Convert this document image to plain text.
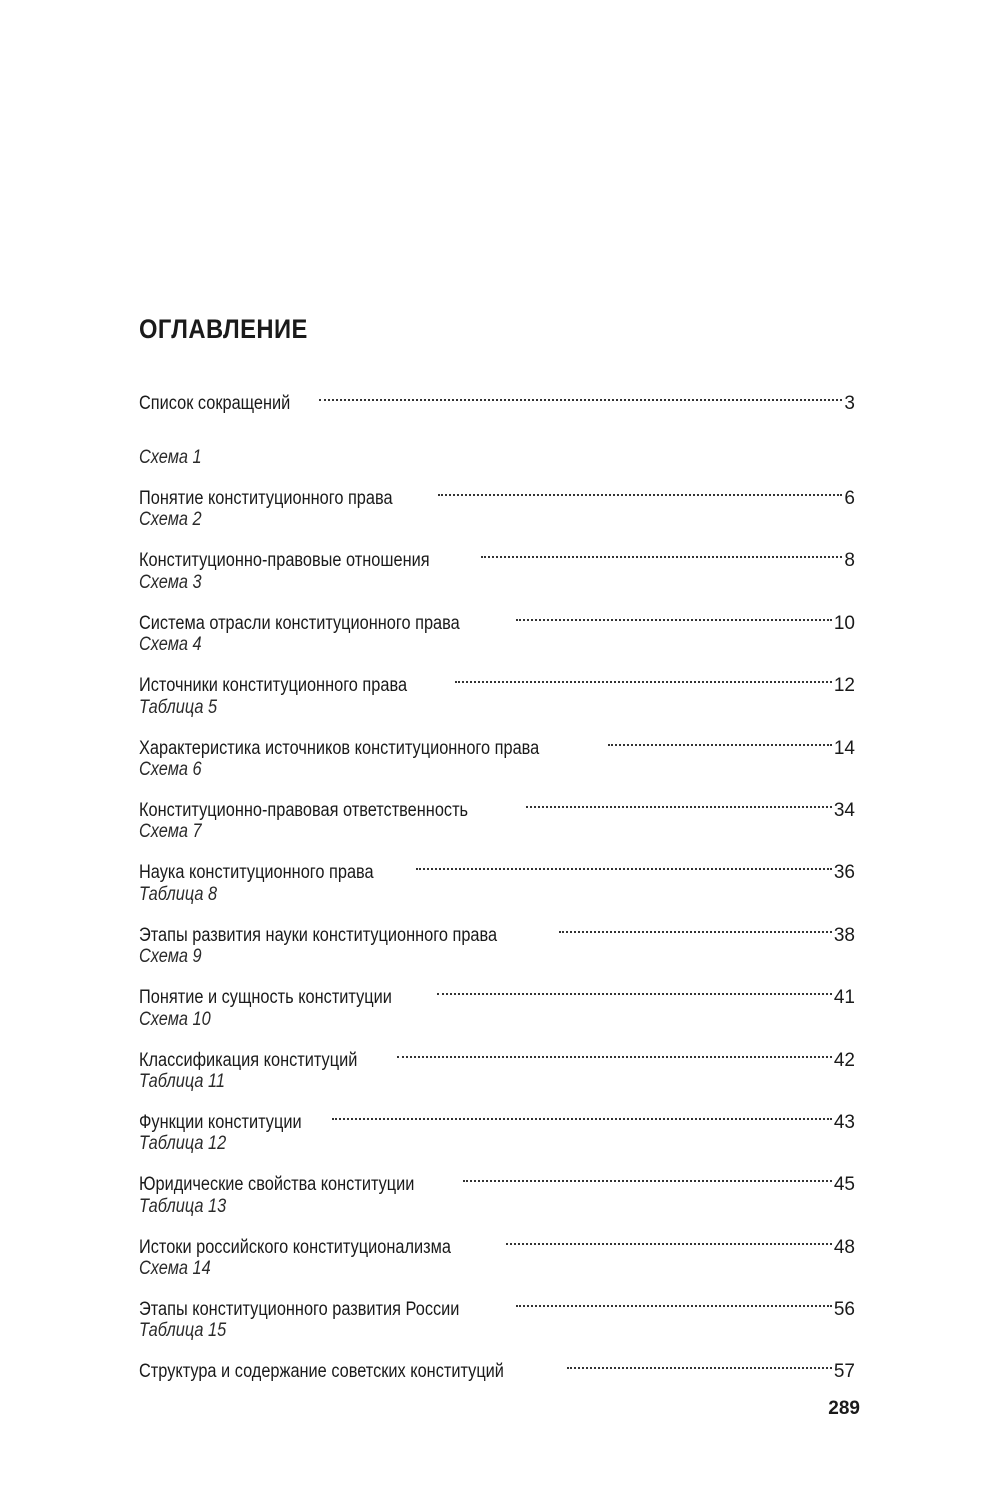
ОГЛАВЛЕНИЕ
Список сокращений	3
Схема 1
Понятие конституционного права	6
Схема 2
Конституционно-правовые отношения	8
Схема 3
Система отрасли конституционного права	10
Схема 4
Источники конституционного права	12
Таблица 5
Характеристика источников конституционного права	14
Схема 6
Конституционно-правовая ответственность	34
Схема 7
Наука конституционного права	36
Таблица 8
Этапы развития науки конституционного права	38
Схема 9
Понятие и сущность конституции	41
Схема 10
Классификация конституций	42
Таблица 11
Функции конституции	43
Таблица 12
Юридические свойства конституции	45
Таблица 13
Истоки российского конституционализма	48
Схема 14
Этапы конституционного развития России	56
Таблица 15
Структура и содержание советских конституций	57
289
